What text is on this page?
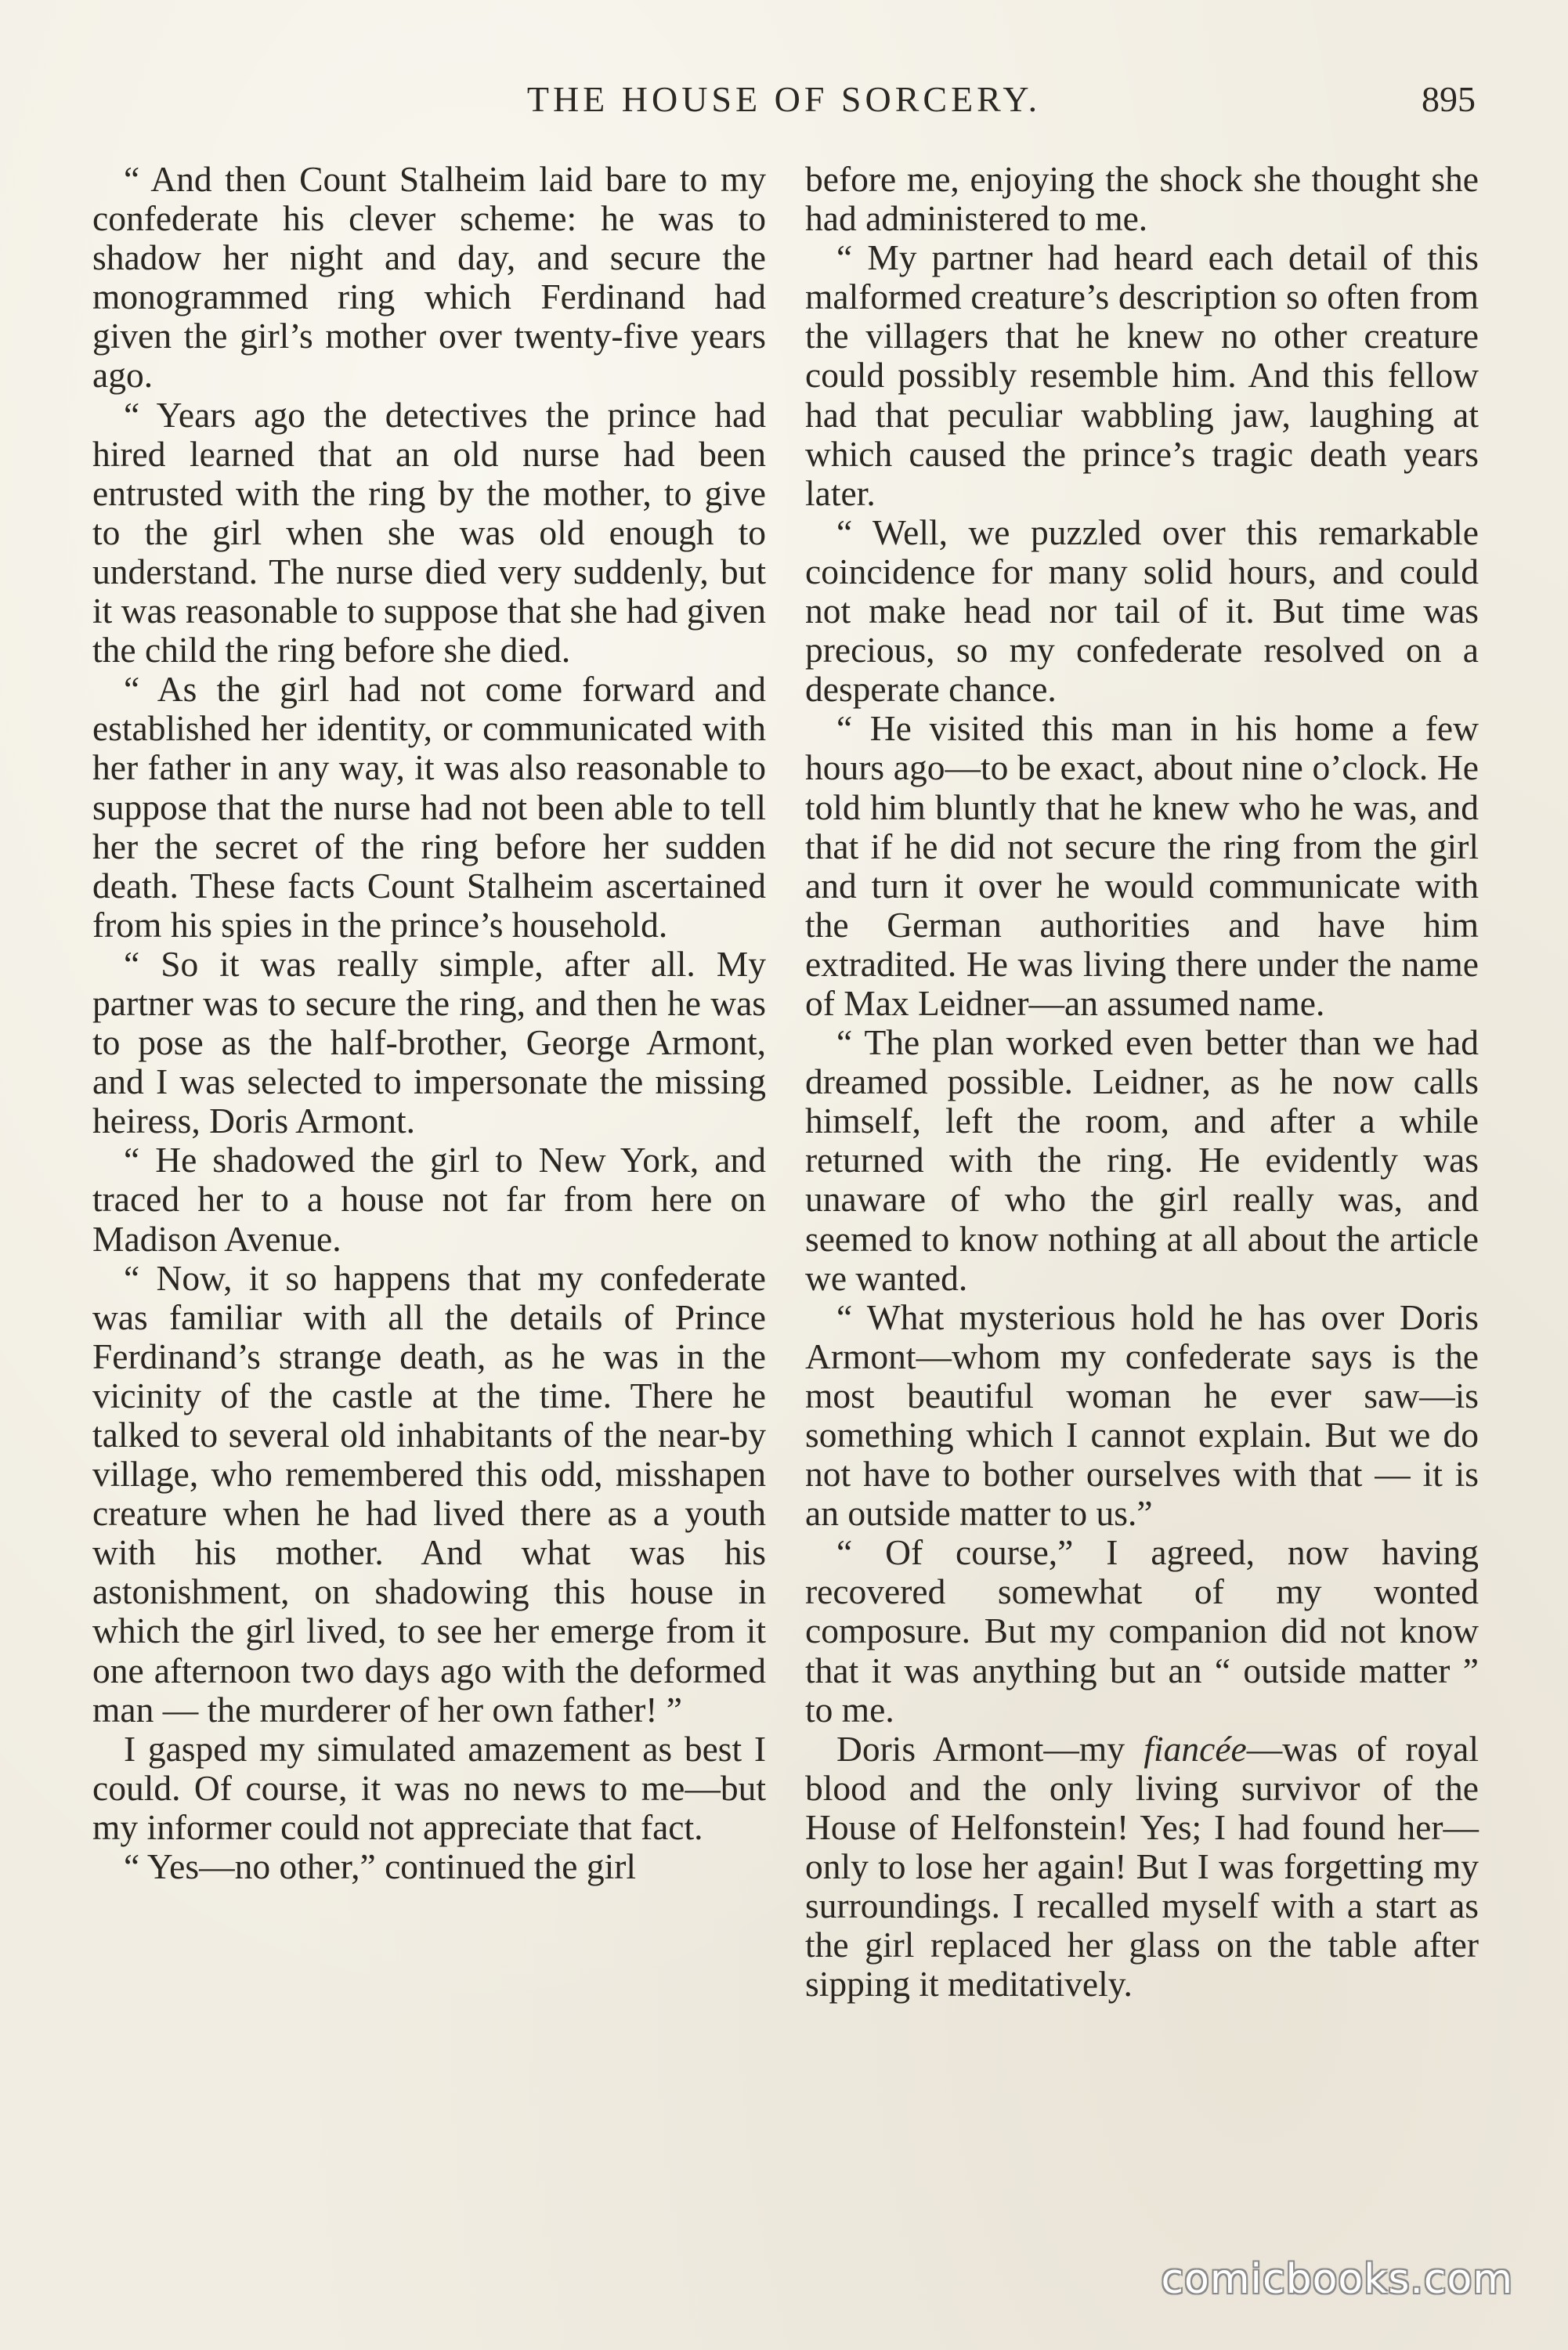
THE HOUSE OF SORCERY.	895

“ And then Count Stalheim laid bare to my confederate his clever scheme: he was to shadow her night and day, and secure the monogrammed ring which Ferdinand had given the girl’s mother over twenty-five years ago.

“ Years ago the detectives the prince had hired learned that an old nurse had been entrusted with the ring by the mother, to give to the girl when she was old enough to understand. The nurse died very suddenly, but it was reasonable to suppose that she had given the child the ring before she died.

“ As the girl had not come forward and established her identity, or communicated with her father in any way, it was also reasonable to suppose that the nurse had not been able to tell her the secret of the ring before her sudden death. These facts Count Stalheim ascertained from his spies in the prince’s household.

“ So it was really simple, after all. My partner was to secure the ring, and then he was to pose as the half-brother, George Armont, and I was selected to impersonate the missing heiress, Doris Armont.

“ He shadowed the girl to New York, and traced her to a house not far from here on Madison Avenue.

“ Now, it so happens that my confederate was familiar with all the details of Prince Ferdinand’s strange death, as he was in the vicinity of the castle at the time. There he talked to several old inhabitants of the near-by village, who remembered this odd, misshapen creature when he had lived there as a youth with his mother. And what was his astonishment, on shadowing this house in which the girl lived, to see her emerge from it one afternoon two days ago with the deformed man — the murderer of her own father! ”

I gasped my simulated amazement as best I could. Of course, it was no news to me—but my informer could not appreciate that fact.

“ Yes—no other,” continued the girl

before me, enjoying the shock she thought she had administered to me.

“ My partner had heard each detail of this malformed creature’s description so often from the villagers that he knew no other creature could possibly resemble him. And this fellow had that peculiar wabbling jaw, laughing at which caused the prince’s tragic death years later.

“ Well, we puzzled over this remarkable coincidence for many solid hours, and could not make head nor tail of it. But time was precious, so my confederate resolved on a desperate chance.

“ He visited this man in his home a few hours ago—to be exact, about nine o’clock. He told him bluntly that he knew who he was, and that if he did not secure the ring from the girl and turn it over he would communicate with the German authorities and have him extradited. He was living there under the name of Max Leidner—an assumed name.

“ The plan worked even better than we had dreamed possible. Leidner, as he now calls himself, left the room, and after a while returned with the ring. He evidently was unaware of who the girl really was, and seemed to know nothing at all about the article we wanted.

“ What mysterious hold he has over Doris Armont—whom my confederate says is the most beautiful woman he ever saw—is something which I cannot explain. But we do not have to bother ourselves with that — it is an outside matter to us.”

“ Of course,” I agreed, now having recovered somewhat of my wonted composure. But my companion did not know that it was anything but an “ outside matter ” to me.

Doris Armont—my fiancée—was of royal blood and the only living survivor of the House of Helfonstein! Yes; I had found her—only to lose her again! But I was forgetting my surroundings. I recalled myself with a start as the girl replaced her glass on the table after sipping it meditatively.

comicbooks.com
